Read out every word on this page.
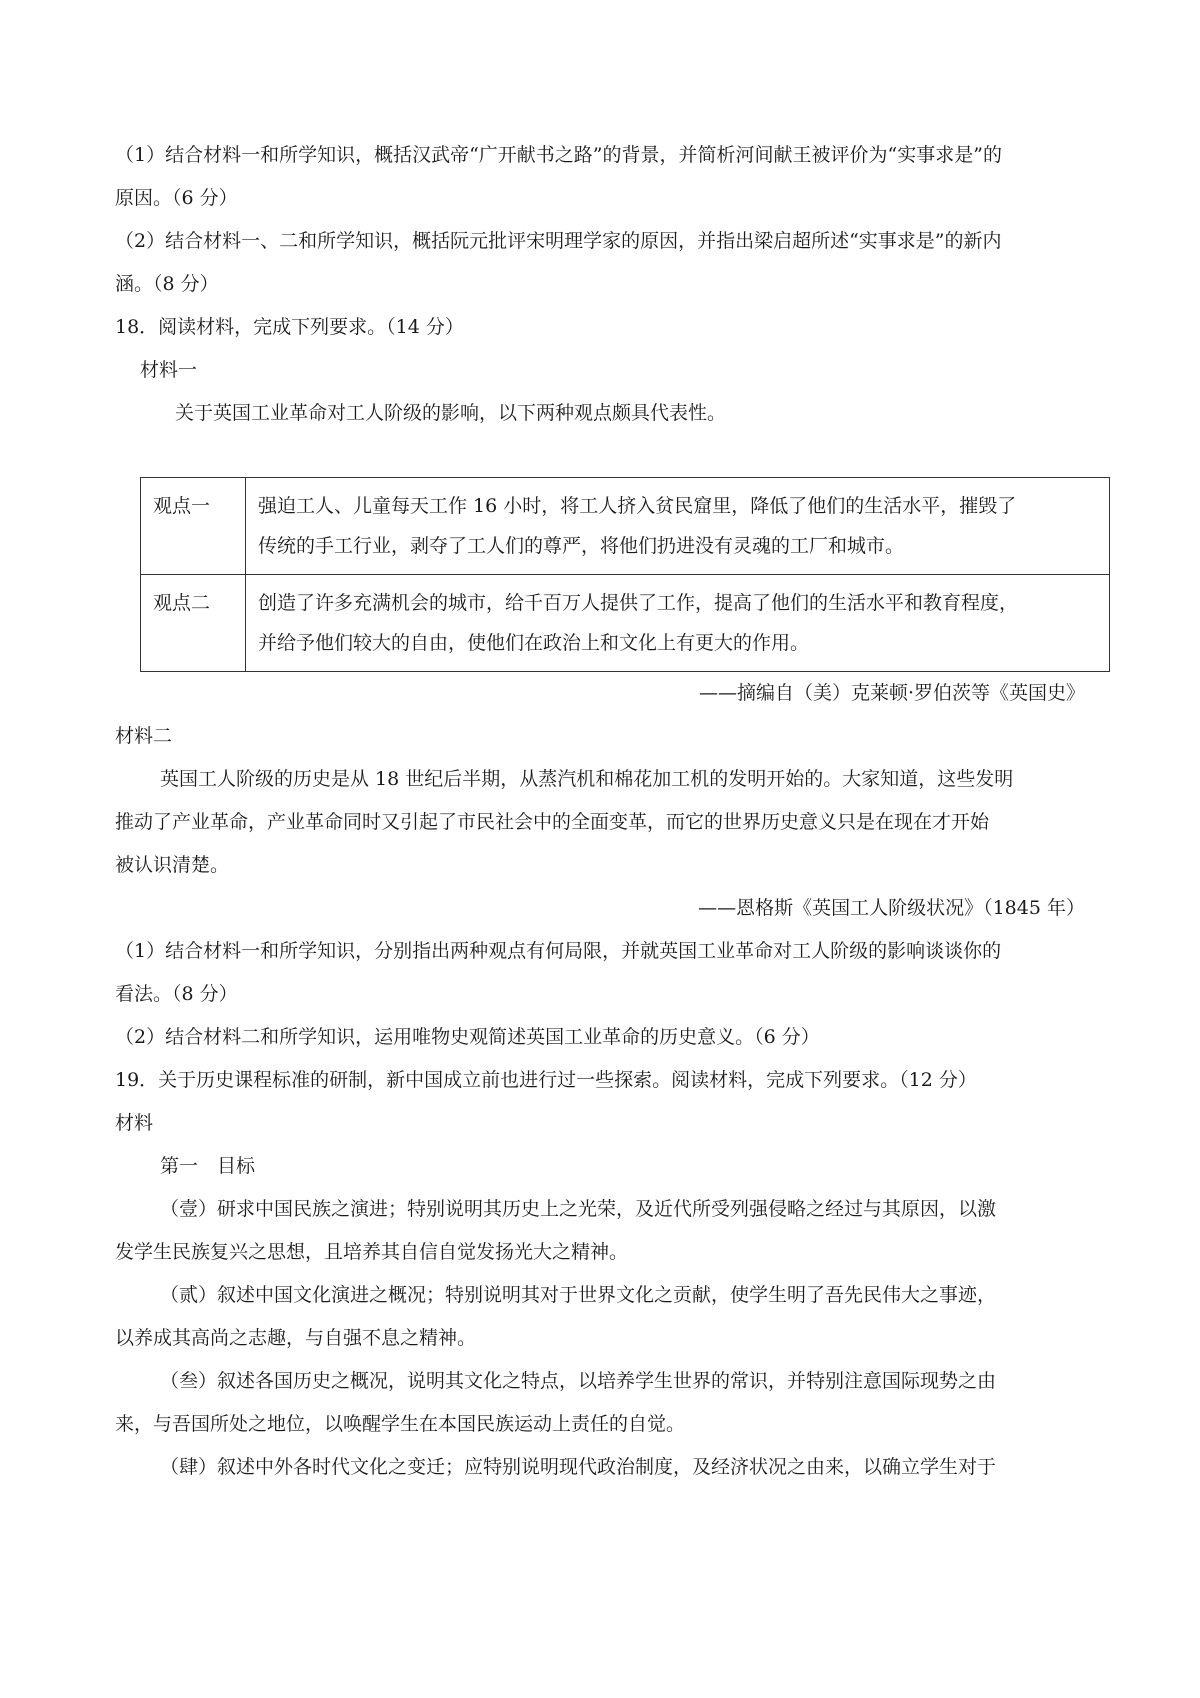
（1）结合材料一和所学知识，概括汉武帝“广开献书之路”的背景，并简析河间献王被评价为“实事求是”的
原因。（6 分）
（2）结合材料一、二和所学知识，概括阮元批评宋明理学家的原因，并指出梁启超所述“实事求是”的新内
涵。（8 分）
18．阅读材料，完成下列要求。（14 分）
材料一
关于英国工业革命对工人阶级的影响，以下两种观点颇具代表性。
观点一	强迫工人、儿童每天工作 16 小时，将工人挤入贫民窟里，降低了他们的生活水平，摧毁了
传统的手工行业，剥夺了工人们的尊严，将他们扔进没有灵魂的工厂和城市。

观点二	创造了许多充满机会的城市，给千百万人提供了工作，提高了他们的生活水平和教育程度，
并给予他们较大的自由，使他们在政治上和文化上有更大的作用。
——摘编自（美）克莱顿·罗伯茨等《英国史》
材料二
英国工人阶级的历史是从 18 世纪后半期，从蒸汽机和棉花加工机的发明开始的。大家知道，这些发明
推动了产业革命，产业革命同时又引起了市民社会中的全面变革，而它的世界历史意义只是在现在才开始
被认识清楚。
——恩格斯《英国工人阶级状况》（1845 年）
（1）结合材料一和所学知识，分别指出两种观点有何局限，并就英国工业革命对工人阶级的影响谈谈你的
看法。（8 分）
（2）结合材料二和所学知识，运用唯物史观简述英国工业革命的历史意义。（6 分）
19．关于历史课程标准的研制，新中国成立前也进行过一些探索。阅读材料，完成下列要求。（12 分）
材料
第一　目标
（壹）研求中国民族之演进；特别说明其历史上之光荣，及近代所受列强侵略之经过与其原因，以激
发学生民族复兴之思想，且培养其自信自觉发扬光大之精神。
（贰）叙述中国文化演进之概况；特别说明其对于世界文化之贡献，使学生明了吾先民伟大之事迹，
以养成其高尚之志趣，与自强不息之精神。
（叁）叙述各国历史之概况，说明其文化之特点，以培养学生世界的常识，并特别注意国际现势之由
来，与吾国所处之地位，以唤醒学生在本国民族运动上责任的自觉。
（肆）叙述中外各时代文化之变迁；应特别说明现代政治制度，及经济状况之由来，以确立学生对于
